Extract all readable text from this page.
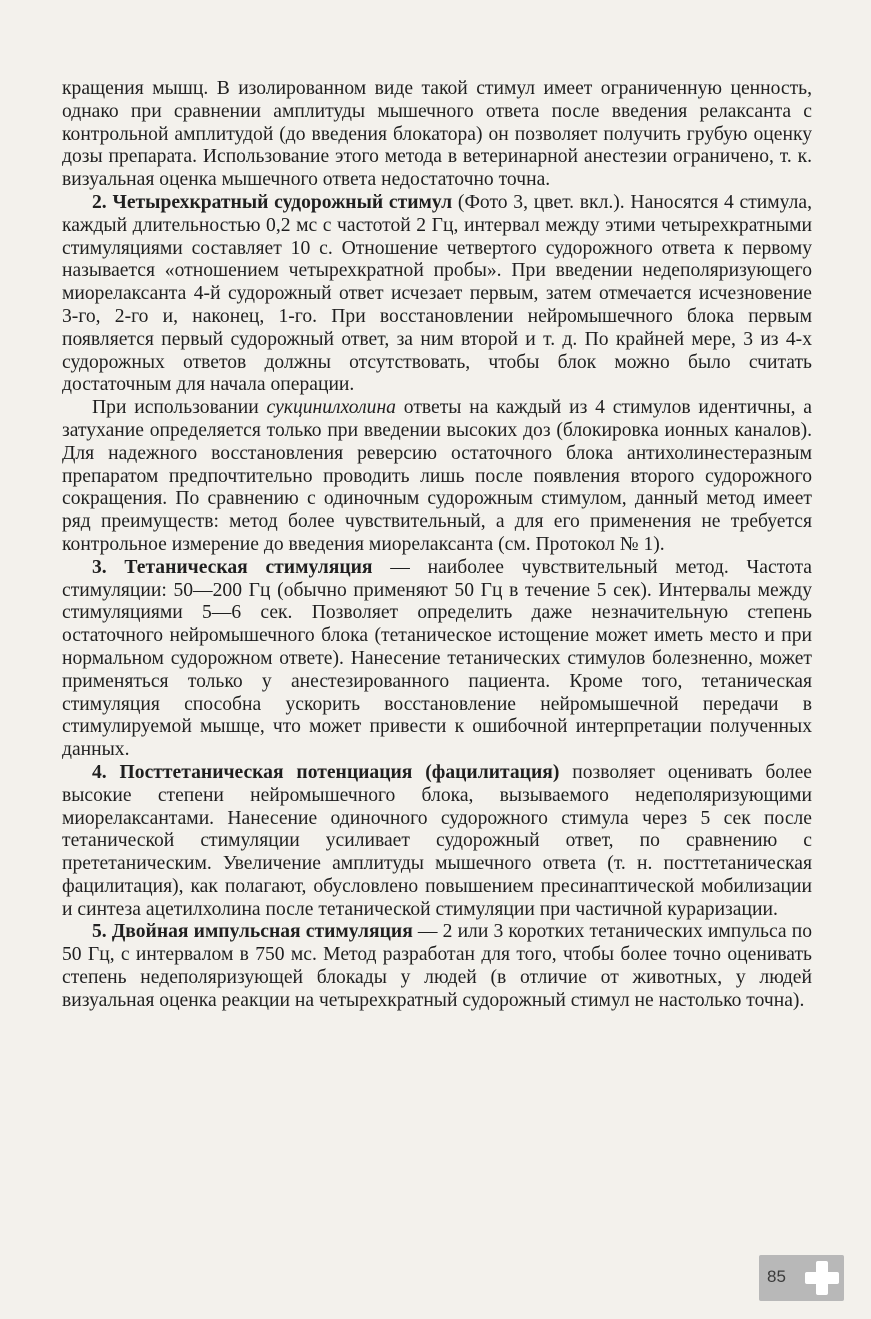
кращения мышц. В изолированном виде такой стимул имеет ограниченную ценность, однако при сравнении амплитуды мышечного ответа после введения релаксанта с контрольной амплитудой (до введения блокатора) он позволяет получить грубую оценку дозы препарата. Использование этого метода в ветеринарной анестезии ограничено, т. к. визуальная оценка мышечного ответа недостаточно точна.

2. Четырехкратный судорожный стимул (Фото 3, цвет. вкл.). Наносятся 4 стимула, каждый длительностью 0,2 мс с частотой 2 Гц, интервал между этими четырехкратными стимуляциями составляет 10 с. Отношение четвертого судорожного ответа к первому называется «отношением четырехкратной пробы». При введении недеполяризующего миорелаксанта 4-й судорожный ответ исчезает первым, затем отмечается исчезновение 3-го, 2-го и, наконец, 1-го. При восстановлении нейромышечного блока первым появляется первый судорожный ответ, за ним второй и т. д. По крайней мере, 3 из 4-х судорожных ответов должны отсутствовать, чтобы блок можно было считать достаточным для начала операции.

При использовании сукцинилхолина ответы на каждый из 4 стимулов идентичны, а затухание определяется только при введении высоких доз (блокировка ионных каналов). Для надежного восстановления реверсию остаточного блока антихолинестеразным препаратом предпочтительно проводить лишь после появления второго судорожного сокращения. По сравнению с одиночным судорожным стимулом, данный метод имеет ряд преимуществ: метод более чувствительный, а для его применения не требуется контрольное измерение до введения миорелаксанта (см. Протокол № 1).

3. Тетаническая стимуляция — наиболее чувствительный метод. Частота стимуляции: 50—200 Гц (обычно применяют 50 Гц в течение 5 сек). Интервалы между стимуляциями 5—6 сек. Позволяет определить даже незначительную степень остаточного нейромышечного блока (тетаническое истощение может иметь место и при нормальном судорожном ответе). Нанесение тетанических стимулов болезненно, может применяться только у анестезированного пациента. Кроме того, тетаническая стимуляция способна ускорить восстановление нейромышечной передачи в стимулируемой мышце, что может привести к ошибочной интерпретации полученных данных.

4. Посттетаническая потенциация (фацилитация) позволяет оценивать более высокие степени нейромышечного блока, вызываемого недеполяризующими миорелаксантами. Нанесение одиночного судорожного стимула через 5 сек после тетанической стимуляции усиливает судорожный ответ, по сравнению с прететаническим. Увеличение амплитуды мышечного ответа (т. н. посттетаническая фацилитация), как полагают, обусловлено повышением пресинаптической мобилизации и синтеза ацетилхолина после тетанической стимуляции при частичной кураризации.

5. Двойная импульсная стимуляция — 2 или 3 коротких тетанических импульса по 50 Гц, с интервалом в 750 мс. Метод разработан для того, чтобы более точно оценивать степень недеполяризующей блокады у людей (в отличие от животных, у людей визуальная оценка реакции на четырехкратный судорожный стимул не настолько точна).

85
